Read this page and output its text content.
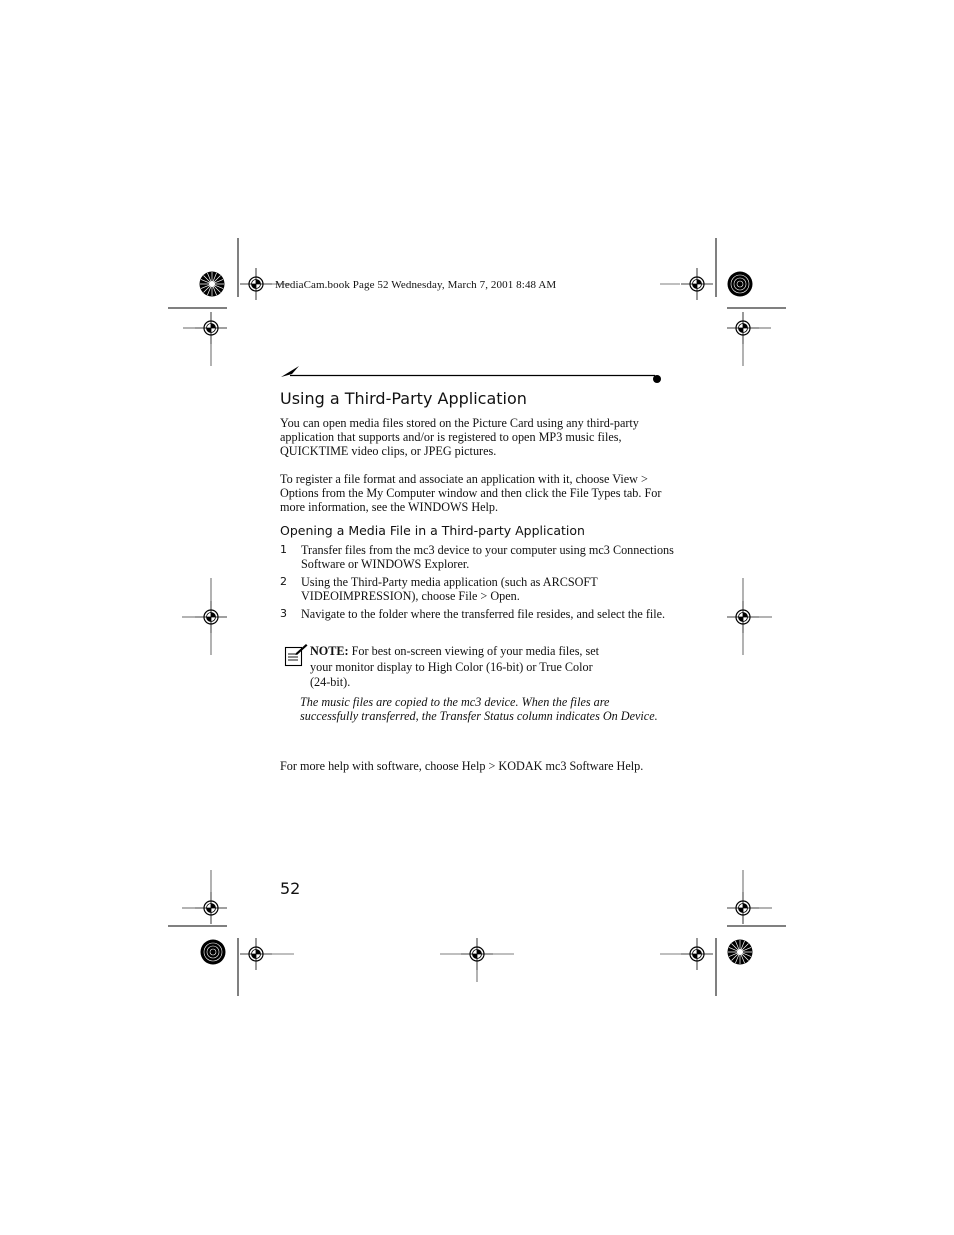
MediaCam.book Page 52 Wednesday, March 7, 2001 8:48 AM
Using a Third-Party Application
You can open media files stored on the Picture Card using any third-party application that supports and/or is registered to open MP3 music files, QUICKTIME video clips, or JPEG pictures.
To register a file format and associate an application with it, choose View > Options from the My Computer window and then click the File Types tab. For more information, see the WINDOWS Help.
Opening a Media File in a Third-party Application
1 Transfer files from the mc3 device to your computer using mc3 Connections Software or WINDOWS Explorer.
2 Using the Third-Party media application (such as ARCSOFT VIDEOIMPRESSION), choose File > Open.
3 Navigate to the folder where the transferred file resides, and select the file.
NOTE: For best on-screen viewing of your media files, set your monitor display to High Color (16-bit) or True Color (24-bit).
The music files are copied to the mc3 device. When the files are successfully transferred, the Transfer Status column indicates On Device.
For more help with software, choose Help > KODAK mc3 Software Help.
52
